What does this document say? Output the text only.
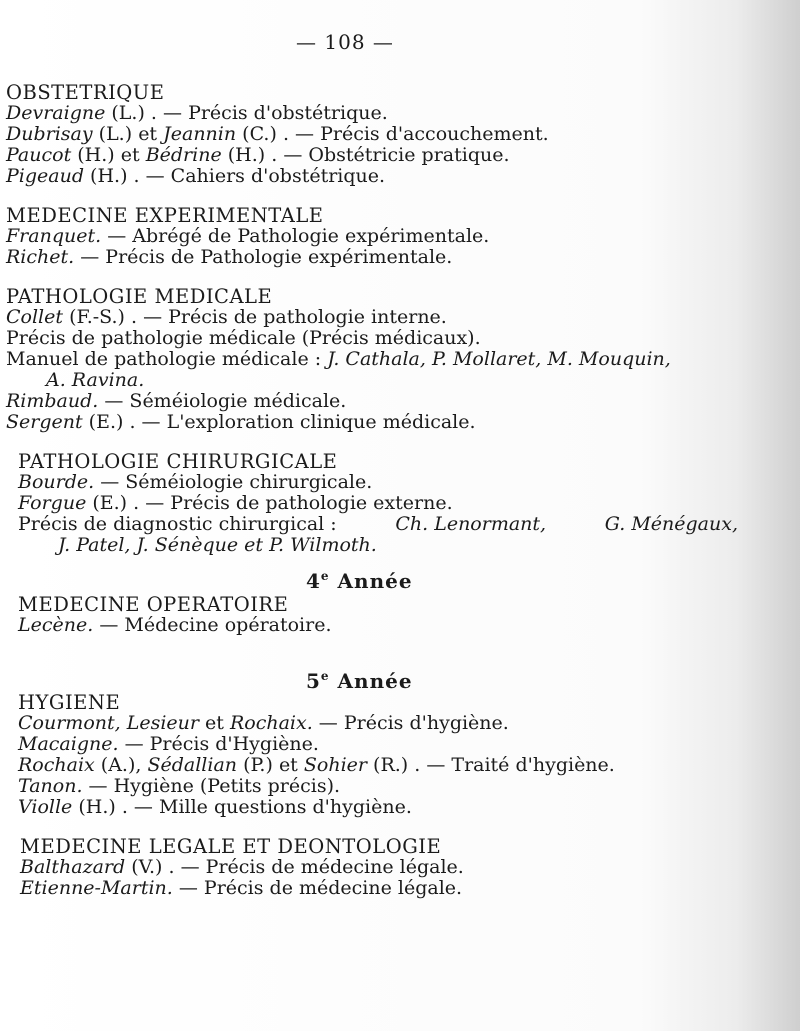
— 108 —
OBSTETRIQUE
Devraigne (L.) . — Précis d'obstétrique.
Dubrisay (L.) et Jeannin (C.) . — Précis d'accouchement.
Paucot (H.) et Bédrine (H.) . — Obstétricie pratique.
Pigeaud (H.) . — Cahiers d'obstétrique.
MEDECINE EXPERIMENTALE
Franquet. — Abrégé de Pathologie expérimentale.
Richet. — Précis de Pathologie expérimentale.
PATHOLOGIE MEDICALE
Collet (F.-S.) . — Précis de pathologie interne.
Précis de pathologie médicale (Précis médicaux).
Manuel de pathologie médicale : J. Cathala, P. Mollaret, M. Mouquin,
A. Ravina.
Rimbaud. — Séméiologie médicale.
Sergent (E.) . — L'exploration clinique médicale.
PATHOLOGIE CHIRURGICALE
Bourde. — Séméiologie chirurgicale.
Forgue (E.) . — Précis de pathologie externe.
Précis de diagnostic chirurgical :	Ch. Lenormant,	G. Ménégaux,
J. Patel, J. Sénèque et P. Wilmoth.
4e Année
MEDECINE OPERATOIRE
Lecène. — Médecine opératoire.
5e Année
HYGIENE
Courmont, Lesieur et Rochaix. — Précis d'hygiène.
Macaigne. — Précis d'Hygiène.
Rochaix (A.), Sédallian (P.) et Sohier (R.) . — Traité d'hygiène.
Tanon. — Hygiène (Petits précis).
Violle (H.) . — Mille questions d'hygiène.
MEDECINE LEGALE ET DEONTOLOGIE
Balthazard (V.) . — Précis de médecine légale.
Etienne-Martin. — Précis de médecine légale.
